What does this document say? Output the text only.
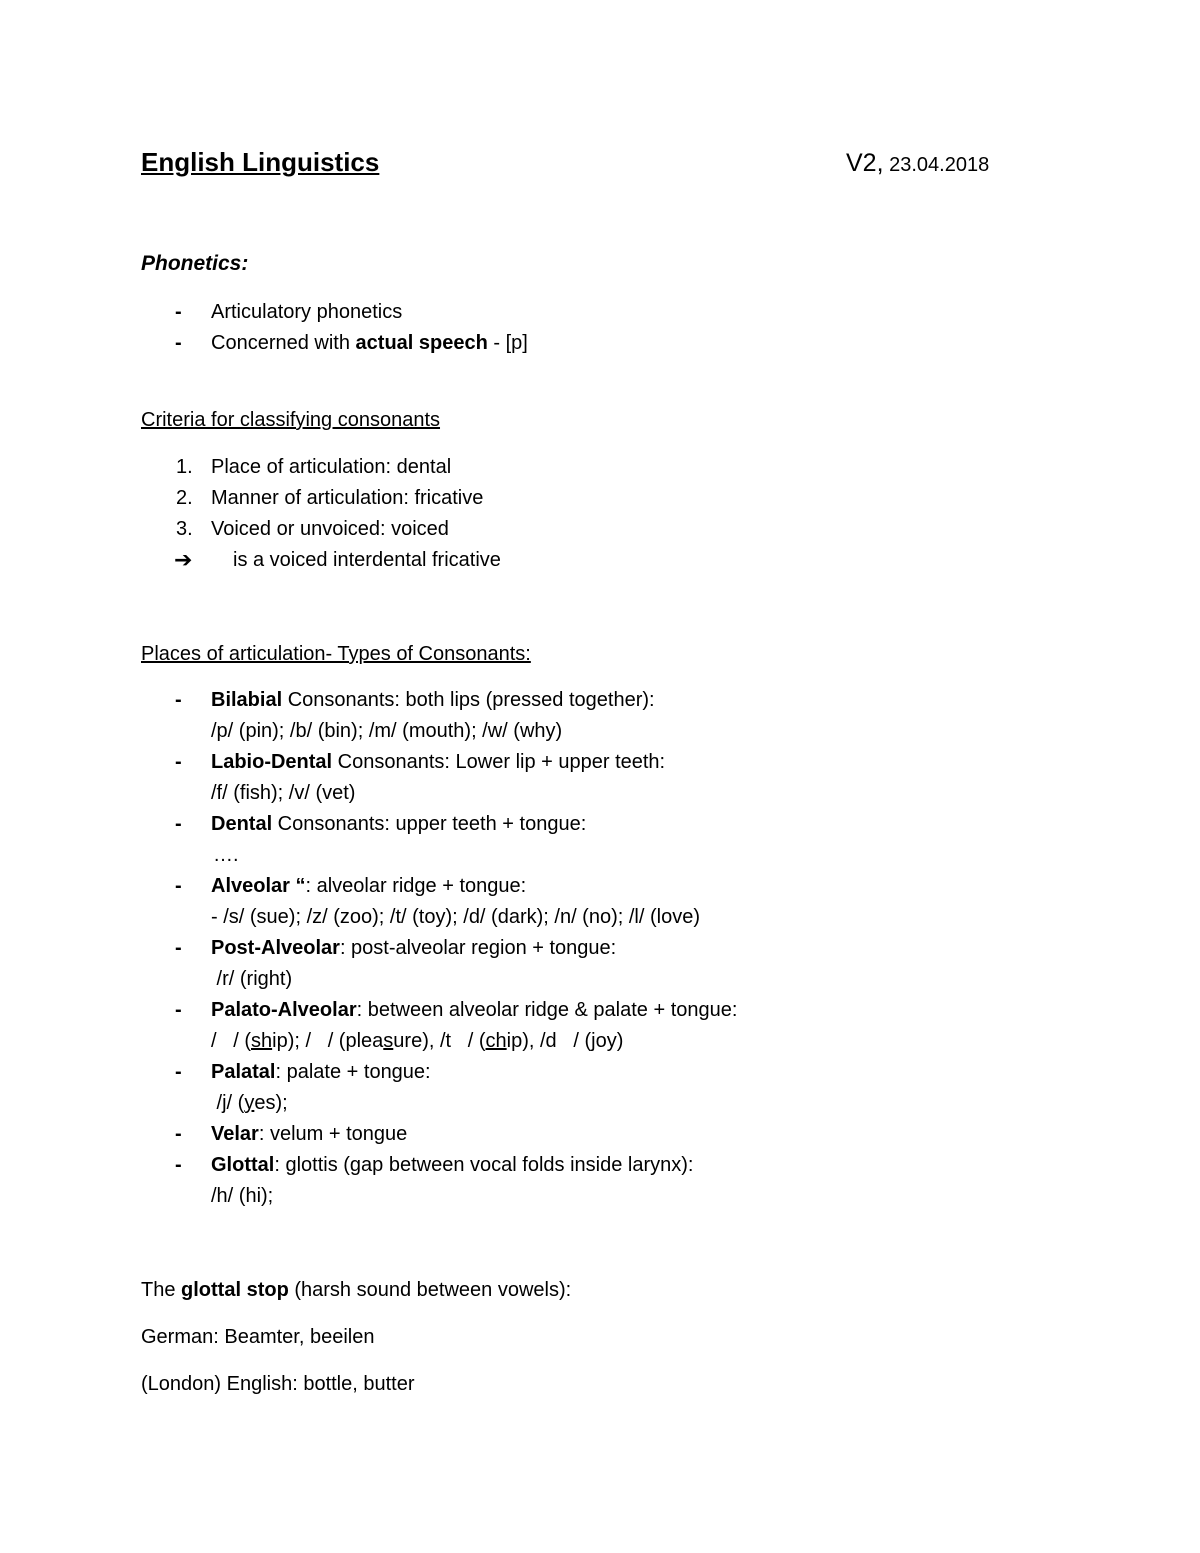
English Linguistics	V2, 23.04.2018
Phonetics:
- Articulatory phonetics
- Concerned with actual speech - [p]
Criteria for classifying consonants
1. Place of articulation: dental
2. Manner of articulation: fricative
3. Voiced or unvoiced: voiced
➔ is a voiced interdental fricative
Places of articulation- Types of Consonants:
- Bilabial Consonants: both lips (pressed together):
/p/ (pin); /b/ (bin); /m/ (mouth); /w/ (why)
- Labio-Dental Consonants: Lower lip + upper teeth:
/f/ (fish); /v/ (vet)
- Dental Consonants: upper teeth + tongue:
….
- Alveolar “: alveolar ridge + tongue:
- /s/ (sue); /z/ (zoo); /t/ (toy); /d/ (dark); /n/ (no); /l/ (love)
- Post-Alveolar: post-alveolar region + tongue:
/r/ (right)
- Palato-Alveolar: between alveolar ridge & palate + tongue:
/   / (ship); /   / (pleasure), /t   / (chip), /d   / (joy)
- Palatal: palate + tongue:
/j/ (yes);
- Velar: velum + tongue
- Glottal: glottis (gap between vocal folds inside larynx):
/h/ (hi);
The glottal stop (harsh sound between vowels):
German: Beamter, beeilen
(London) English: bottle, butter
